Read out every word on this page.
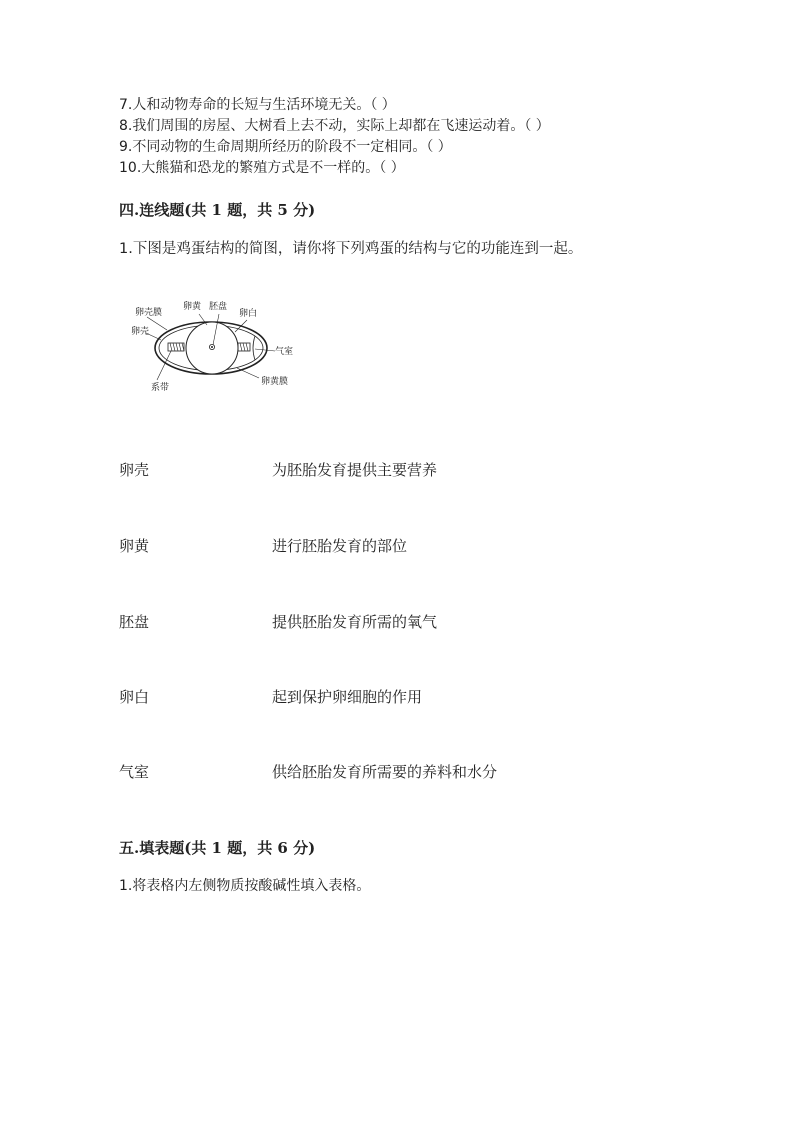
7.人和动物寿命的长短与生活环境无关。（ ）
8.我们周围的房屋、大树看上去不动，实际上却都在飞速运动着。（ ）
9.不同动物的生命周期所经历的阶段不一定相同。（ ）
10.大熊猫和恐龙的繁殖方式是不一样的。（ ）
四.连线题(共 1 题，共 5 分)
1.下图是鸡蛋结构的简图，请你将下列鸡蛋的结构与它的功能连到一起。
卵壳膜
卵壳
卵黄 胚盘
卵白
气室
系带
卵黄膜
卵壳	为胚胎发育提供主要营养
卵黄	进行胚胎发育的部位
胚盘	提供胚胎发育所需的氧气
卵白	起到保护卵细胞的作用
气室	供给胚胎发育所需要的养料和水分
五.填表题(共 1 题，共 6 分)
1.将表格内左侧物质按酸碱性填入表格。
